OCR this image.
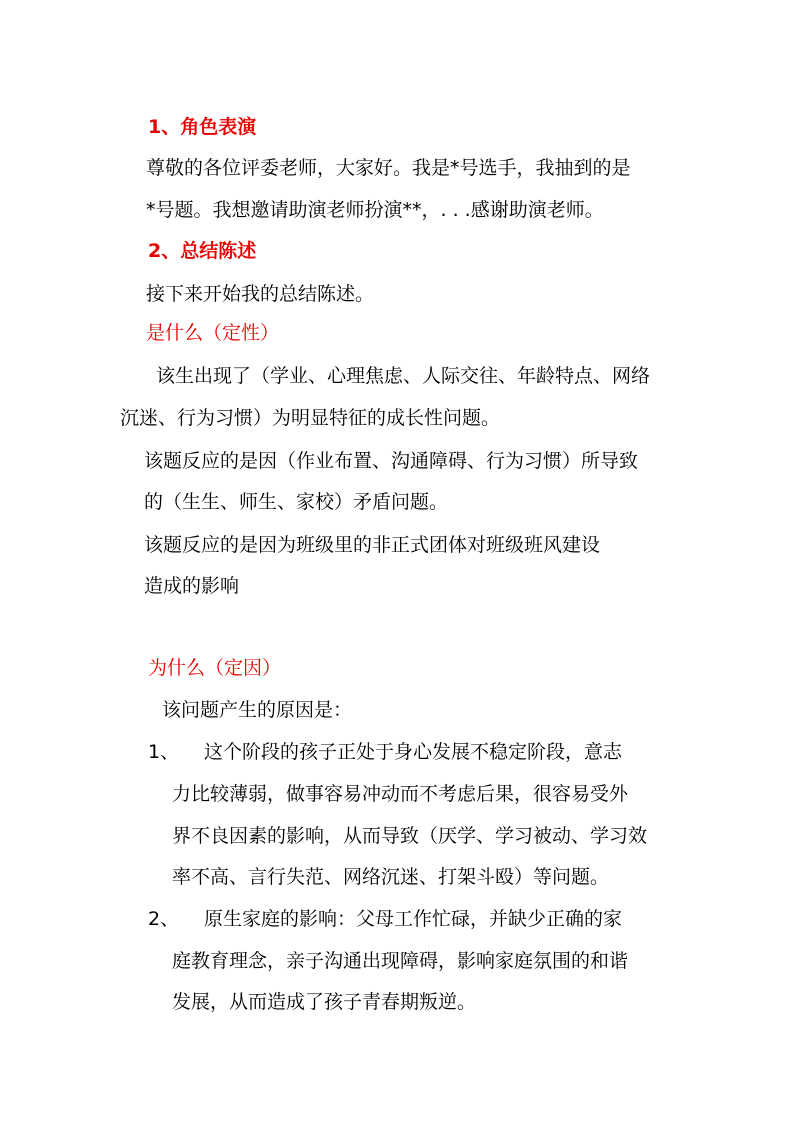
1、角色表演
尊敬的各位评委老师，大家好。我是*号选手，我抽到的是
*号题。我想邀请助演老师扮演**，. . .感谢助演老师。
2、总结陈述
接下来开始我的总结陈述。
是什么（定性）
该生出现了（学业、心理焦虑、人际交往、年龄特点、网络
沉迷、行为习惯）为明显特征的成长性问题。
该题反应的是因（作业布置、沟通障碍、行为习惯）所导致
的（生生、师生、家校）矛盾问题。
该题反应的是因为班级里的非正式团体对班级班风建设
造成的影响
为什么（定因）
该问题产生的原因是：
1、 这个阶段的孩子正处于身心发展不稳定阶段，意志
力比较薄弱，做事容易冲动而不考虑后果，很容易受外
界不良因素的影响，从而导致（厌学、学习被动、学习效
率不高、言行失范、网络沉迷、打架斗殴）等问题。
2、 原生家庭的影响：父母工作忙碌，并缺少正确的家
庭教育理念，亲子沟通出现障碍，影响家庭氛围的和谐
发展，从而造成了孩子青春期叛逆。
